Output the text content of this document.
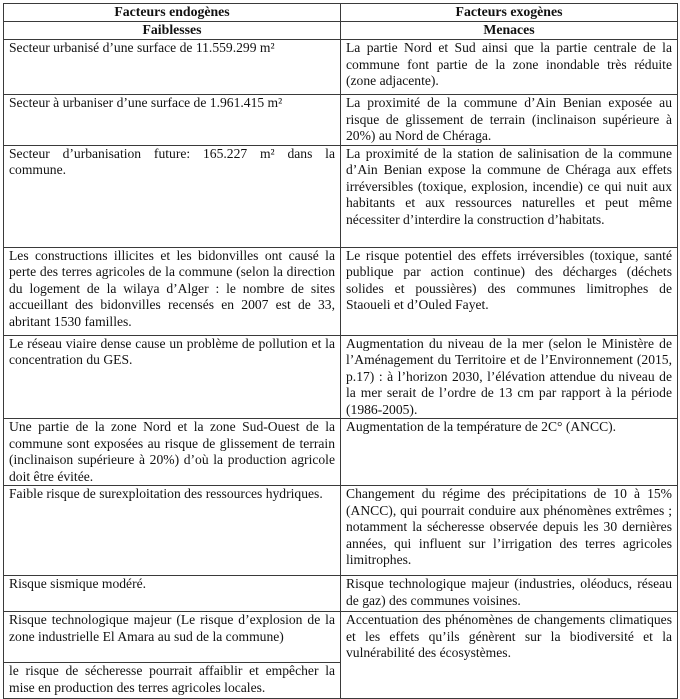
Facteurs endogènes	Facteurs exogènes
Faiblesses	Menaces
Secteur urbanisé d’une surface de 11.559.299 m²	La partie Nord et Sud ainsi que la partie centrale de la commune font partie de la zone inondable très réduite (zone adjacente).
Secteur à urbaniser d’une surface de 1.961.415 m²	La proximité de la commune d’Ain Benian exposée au risque de glissement de terrain (inclinaison supérieure à 20%) au Nord de Chéraga.
Secteur d’urbanisation future: 165.227 m² dans la commune.	La proximité de la station de salinisation de la commune d’Ain Benian expose la commune de Chéraga aux effets irréversibles (toxique, explosion, incendie) ce qui nuit aux habitants et aux ressources naturelles et peut même nécessiter d’interdire la construction d’habitats.
Les constructions illicites et les bidonvilles ont causé la perte des terres agricoles de la commune (selon la direction du logement de la wilaya d’Alger : le nombre de sites accueillant des bidonvilles recensés en 2007 est de 33, abritant 1530 familles.	Le risque potentiel des effets irréversibles (toxique, santé publique par action continue) des décharges (déchets solides et poussières) des communes limitrophes de Staoueli et d’Ouled Fayet.
Le réseau viaire dense cause un problème de pollution et la concentration du GES.	Augmentation du niveau de la mer (selon le Ministère de l’Aménagement du Territoire et de l’Environnement (2015, p.17) : à l’horizon 2030, l’élévation attendue du niveau de la mer serait de l’ordre de 13 cm par rapport à la période (1986-2005).
Une partie de la zone Nord et la zone Sud-Ouest de la commune sont exposées au risque de glissement de terrain (inclinaison supérieure à 20%) d’où la production agricole doit être évitée.	Augmentation de la température de 2C° (ANCC).
Faible risque de surexploitation des ressources hydriques.	Changement du régime des précipitations de 10 à 15% (ANCC), qui pourrait conduire aux phénomènes extrêmes ; notamment la sécheresse observée depuis les 30 dernières années, qui influent sur l’irrigation des terres agricoles limitrophes.
Risque sismique modéré.	Risque technologique majeur (industries, oléoducs, réseau de gaz) des communes voisines.
Risque technologique majeur (Le risque d’explosion de la zone industrielle El Amara au sud de la commune)	Accentuation des phénomènes de changements climatiques et les effets qu’ils génèrent sur la biodiversité et la vulnérabilité des écosystèmes.
le risque de sécheresse pourrait affaiblir et empêcher la mise en production des terres agricoles locales.	
